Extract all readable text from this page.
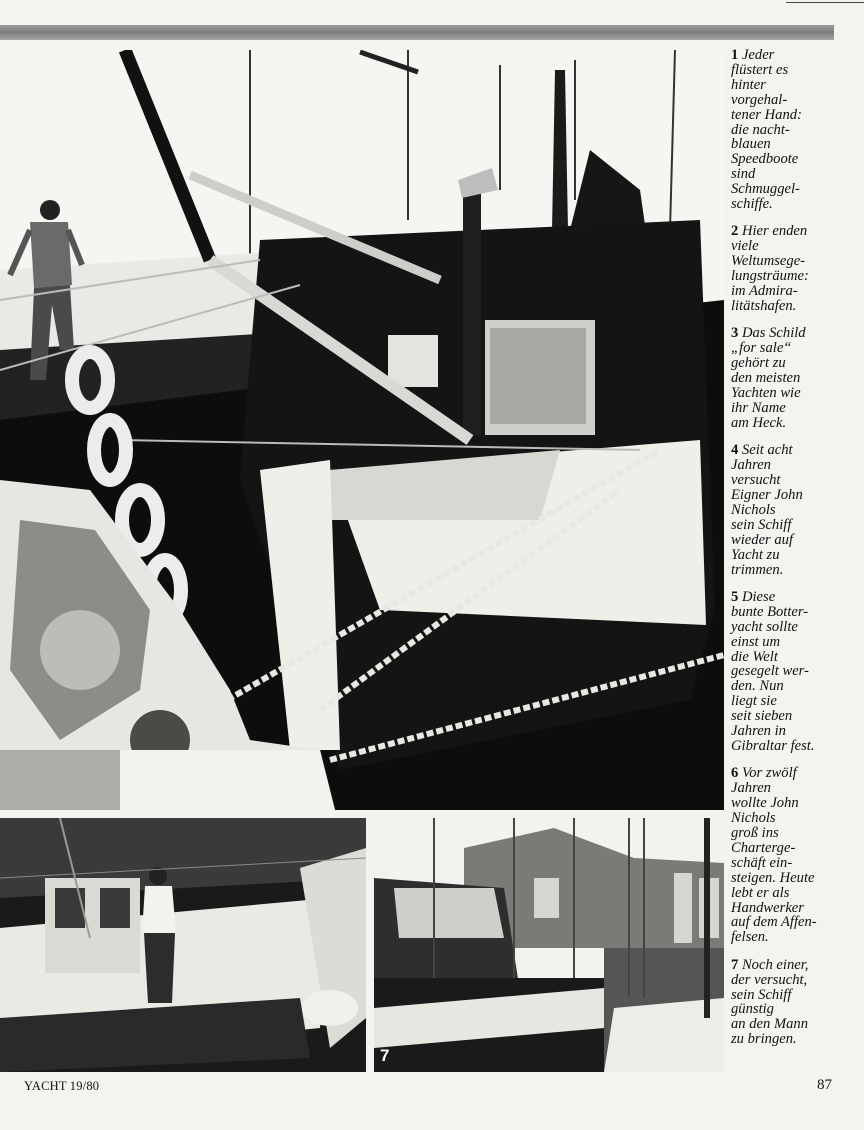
7

1 Jeder
flüstert es
hinter
vorgehal-
tener Hand:
die nacht-
blauen
Speedboote
sind
Schmuggel-
schiffe.

2 Hier enden
viele
Weltumsege-
lungsträume:
im Admira-
litätshafen.

3 Das Schild
„for sale“
gehört zu
den meisten
Yachten wie
ihr Name
am Heck.

4 Seit acht
Jahren
versucht
Eigner John
Nichols
sein Schiff
wieder auf
Yacht zu
trimmen.

5 Diese
bunte Botter-
yacht sollte
einst um
die Welt
gesegelt wer-
den. Nun
liegt sie
seit sieben
Jahren in
Gibraltar fest.

6 Vor zwölf
Jahren
wollte John
Nichols
groß ins
Charterge-
schäft ein-
steigen. Heute
lebt er als
Handwerker
auf dem Affen-
felsen.

7 Noch einer,
der versucht,
sein Schiff
günstig
an den Mann
zu bringen.

YACHT 19/80	87
